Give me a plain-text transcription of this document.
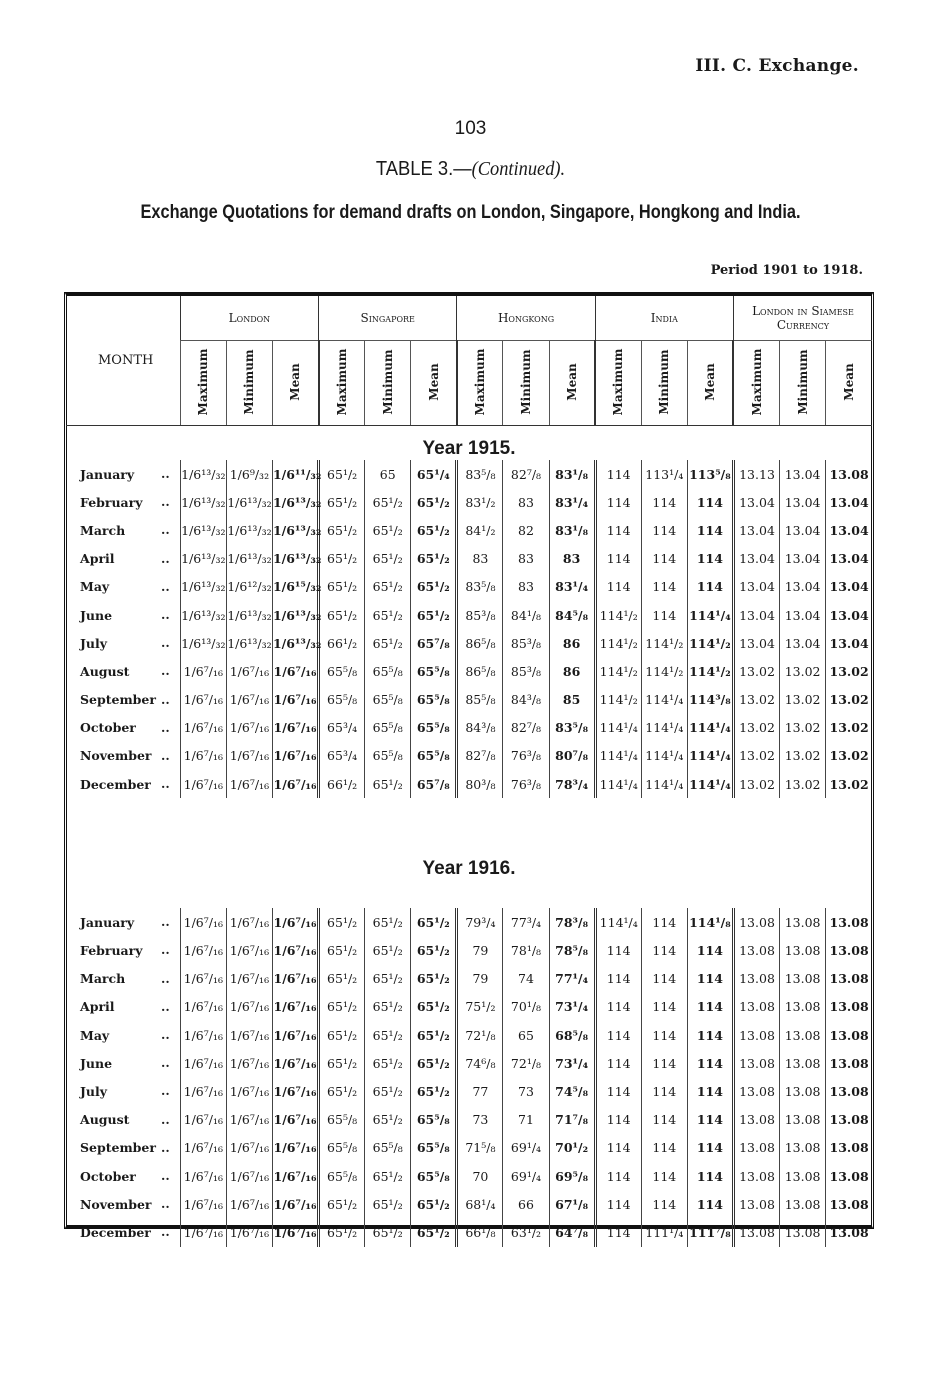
III. C. Exchange.
103
TABLE 3.—(Continued).
Exchange Quotations for demand drafts on London, Singapore, Hongkong and India.
Period 1901 to 1918.
MONTH	London			Singapore			Hongkong			India			London in Siamese Currency		

	Maximum	Minimum	Mean	Maximum	Minimum	Mean	Maximum	Minimum	Mean	Maximum	Minimum	Mean	Maximum	Minimum	Mean

Year 1915.															
January ..	1/6¹³/₃₂	1/6⁹/₃₂	1/6¹¹/₃₂	65¹/₂	65	65¹/₄	83⁵/₈	82⁷/₈	83¹/₈	114	113¹/₄	113⁵/₈	13.13	13.04	13.08
February ..	1/6¹³/₃₂	1/6¹³/₃₂	1/6¹³/₃₂	65¹/₂	65¹/₂	65¹/₂	83¹/₂	83	83¹/₄	114	114	114	13.04	13.04	13.04
March ..	1/6¹³/₃₂	1/6¹³/₃₂	1/6¹³/₃₂	65¹/₂	65¹/₂	65¹/₂	84¹/₂	82	83¹/₈	114	114	114	13.04	13.04	13.04
April ..	1/6¹³/₃₂	1/6¹³/₃₂	1/6¹³/₃₂	65¹/₂	65¹/₂	65¹/₂	83	83	83	114	114	114	13.04	13.04	13.04
May ..	1/6¹³/₃₂	1/6¹²/₃₂	1/6¹⁵/₃₂	65¹/₂	65¹/₂	65¹/₂	83⁵/₈	83	83¹/₄	114	114	114	13.04	13.04	13.04
June ..	1/6¹³/₃₂	1/6¹³/₃₂	1/6¹³/₃₂	65¹/₂	65¹/₂	65¹/₂	85³/₈	84¹/₈	84⁵/₈	114¹/₂	114	114¹/₄	13.04	13.04	13.04
July ..	1/6¹³/₃₂	1/6¹³/₃₂	1/6¹³/₃₂	66¹/₂	65¹/₂	65⁷/₈	86⁵/₈	85³/₈	86	114¹/₂	114¹/₂	114¹/₂	13.04	13.04	13.04
August ..	1/6⁷/₁₆	1/6⁷/₁₆	1/6⁷/₁₆	65⁵/₈	65⁵/₈	65⁵/₈	86⁵/₈	85³/₈	86	114¹/₂	114¹/₂	114¹/₂	13.02	13.02	13.02
September ..	1/6⁷/₁₆	1/6⁷/₁₆	1/6⁷/₁₆	65⁵/₈	65⁵/₈	65⁵/₈	85⁵/₈	84³/₈	85	114¹/₂	114¹/₄	114³/₈	13.02	13.02	13.02
October ..	1/6⁷/₁₆	1/6⁷/₁₆	1/6⁷/₁₆	65³/₄	65⁵/₈	65⁵/₈	84³/₈	82⁷/₈	83⁵/₈	114¹/₄	114¹/₄	114¹/₄	13.02	13.02	13.02
November ..	1/6⁷/₁₆	1/6⁷/₁₆	1/6⁷/₁₆	65³/₄	65⁵/₈	65⁵/₈	82⁷/₈	76³/₈	80⁷/₈	114¹/₄	114¹/₄	114¹/₄	13.02	13.02	13.02
December ..	1/6⁷/₁₆	1/6⁷/₁₆	1/6⁷/₁₆	66¹/₂	65¹/₂	65⁷/₈	80³/₈	76³/₈	78³/₄	114¹/₄	114¹/₄	114¹/₄	13.02	13.02	13.02

Year 1916.															

January ..	1/6⁷/₁₆	1/6⁷/₁₆	1/6⁷/₁₆	65¹/₂	65¹/₂	65¹/₂	79³/₄	77³/₄	78³/₈	114¹/₄	114	114¹/₈	13.08	13.08	13.08
February ..	1/6⁷/₁₆	1/6⁷/₁₆	1/6⁷/₁₆	65¹/₂	65¹/₂	65¹/₂	79	78¹/₈	78⁵/₈	114	114	114	13.08	13.08	13.08
March ..	1/6⁷/₁₆	1/6⁷/₁₆	1/6⁷/₁₆	65¹/₂	65¹/₂	65¹/₂	79	74	77¹/₄	114	114	114	13.08	13.08	13.08
April ..	1/6⁷/₁₆	1/6⁷/₁₆	1/6⁷/₁₆	65¹/₂	65¹/₂	65¹/₂	75¹/₂	70¹/₈	73¹/₄	114	114	114	13.08	13.08	13.08
May ..	1/6⁷/₁₆	1/6⁷/₁₆	1/6⁷/₁₆	65¹/₂	65¹/₂	65¹/₂	72¹/₈	65	68⁵/₈	114	114	114	13.08	13.08	13.08
June ..	1/6⁷/₁₆	1/6⁷/₁₆	1/6⁷/₁₆	65¹/₂	65¹/₂	65¹/₂	74⁶/₈	72¹/₈	73¹/₄	114	114	114	13.08	13.08	13.08
July ..	1/6⁷/₁₆	1/6⁷/₁₆	1/6⁷/₁₆	65¹/₂	65¹/₂	65¹/₂	77	73	74⁵/₈	114	114	114	13.08	13.08	13.08
August ..	1/6⁷/₁₆	1/6⁷/₁₆	1/6⁷/₁₆	65⁵/₈	65¹/₂	65⁵/₈	73	71	71⁷/₈	114	114	114	13.08	13.08	13.08
September ..	1/6⁷/₁₆	1/6⁷/₁₆	1/6⁷/₁₆	65⁵/₈	65⁵/₈	65⁵/₈	71⁵/₈	69¹/₄	70¹/₂	114	114	114	13.08	13.08	13.08
October ..	1/6⁷/₁₆	1/6⁷/₁₆	1/6⁷/₁₆	65⁵/₈	65¹/₂	65⁵/₈	70	69¹/₄	69⁵/₈	114	114	114	13.08	13.08	13.08
November ..	1/6⁷/₁₆	1/6⁷/₁₆	1/6⁷/₁₆	65¹/₂	65¹/₂	65¹/₂	68¹/₄	66	67¹/₈	114	114	114	13.08	13.08	13.08
December ..	1/6⁷/₁₆	1/6⁷/₁₆	1/6⁷/₁₆	65¹/₂	65¹/₂	65¹/₂	66¹/₈	63¹/₂	64⁷/₈	114	111¹/₄	111⁷/₈	13.08	13.08	13.08
